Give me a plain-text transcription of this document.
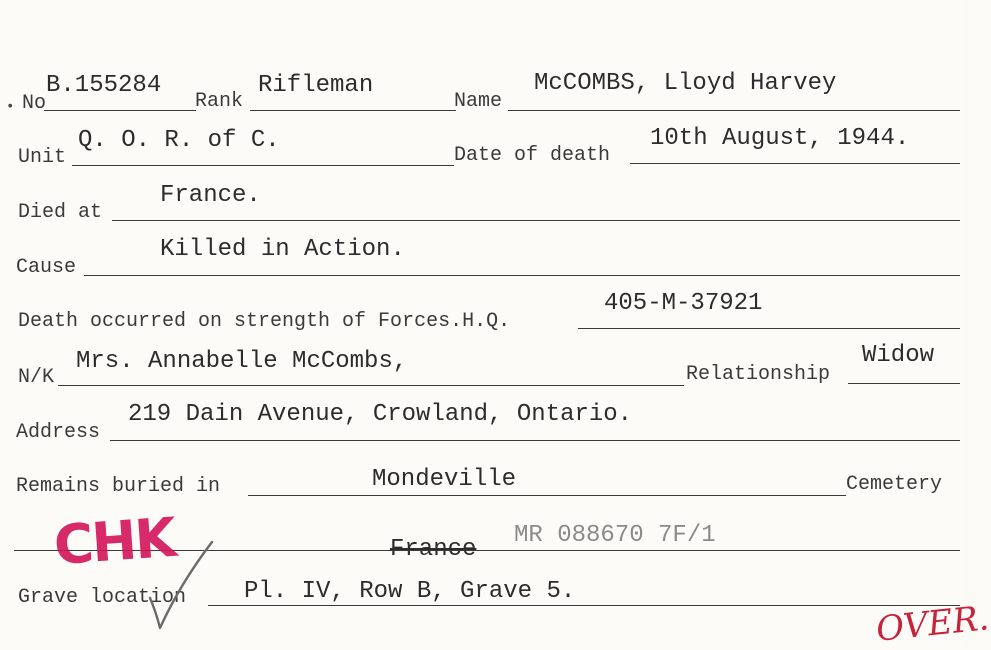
• No
B.155284
Rank
Rifleman
Name
McCOMBS, Lloyd Harvey
Unit
Q. O. R. of C.
Date of death
10th August, 1944.
Died at
France.
Cause
Killed in Action.
Death occurred on strength of Forces.H.Q.
405-M-37921
N/K
Mrs. Annabelle McCombs,	Relationship
Widow
Address
219 Dain Avenue, Crowland, Ontario.
Remains buried in	Mondeville	Cemetery
France
MR 088670 7F/1
Grave location Pl. IV, Row B, Grave 5.
CHK
OVER.
